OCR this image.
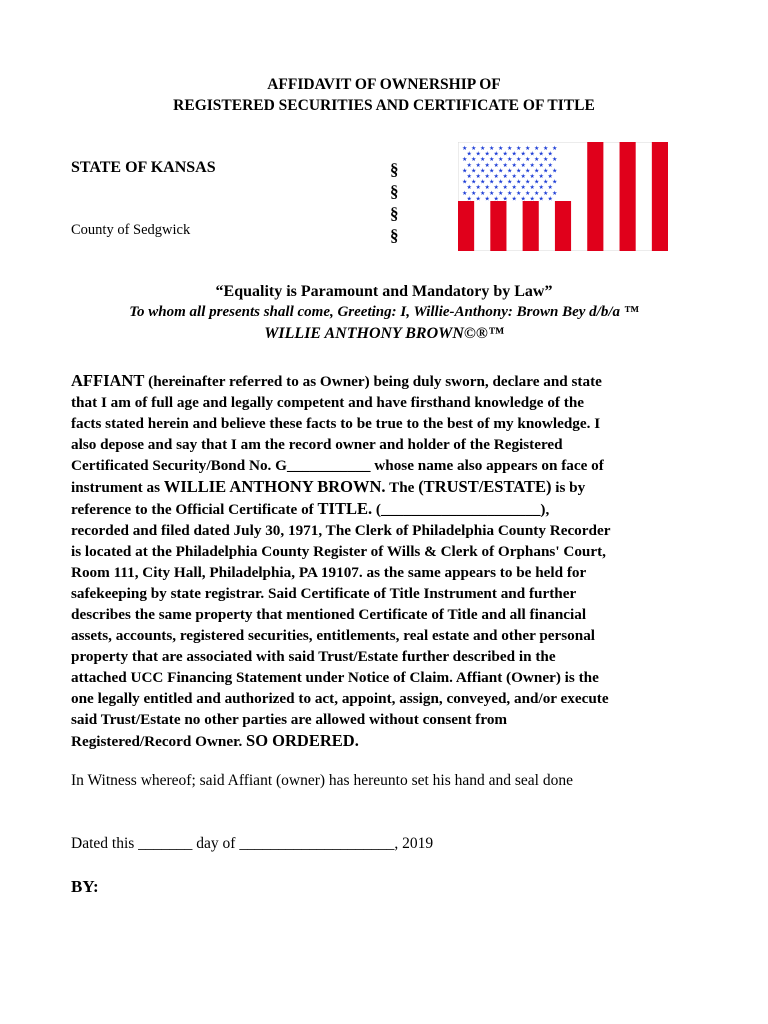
AFFIDAVIT OF OWNERSHIP OF
REGISTERED SECURITIES AND CERTIFICATE OF TITLE
STATE OF KANSAS
County of Sedgwick
§
§
§
§
★ ★ ★ ★ ★ ★ ★ ★ ★ ★ ★
★ ★ ★ ★ ★ ★ ★ ★ ★ ★
★ ★ ★ ★ ★ ★ ★ ★ ★ ★ ★
★ ★ ★ ★ ★ ★ ★ ★ ★ ★
★ ★ ★ ★ ★ ★ ★ ★ ★ ★ ★
★ ★ ★ ★ ★ ★ ★ ★ ★ ★
★ ★ ★ ★ ★ ★ ★ ★ ★ ★ ★
★ ★ ★ ★ ★ ★ ★ ★ ★ ★
★ ★ ★ ★ ★ ★ ★ ★ ★ ★ ★
★ ★ ★ ★ ★ ★ ★ ★ ★ ★
“Equality is Paramount and Mandatory by Law”
To whom all presents shall come, Greeting: I, Willie-Anthony: Brown Bey d/b/a ™
WILLIE ANTHONY BROWN©®™
AFFIANT (hereinafter referred to as Owner) being duly sworn, declare and state
that I am of full age and legally competent and have firsthand knowledge of the
facts stated herein and believe these facts to be true to the best of my knowledge. I
also depose and say that I am the record owner and holder of the Registered
Certificated Security/Bond No. G___________ whose name also appears on face of
instrument as WILLIE ANTHONY BROWN. The (TRUST/ESTATE) is by
reference to the Official Certificate of TITLE. (_____________________),
recorded and filed dated July 30, 1971, The Clerk of Philadelphia County Recorder
is located at the Philadelphia County Register of Wills & Clerk of Orphans' Court,
Room 111, City Hall, Philadelphia, PA 19107. as the same appears to be held for
safekeeping by state registrar. Said Certificate of Title Instrument and further
describes the same property that mentioned Certificate of Title and all financial
assets, accounts, registered securities, entitlements, real estate and other personal
property that are associated with said Trust/Estate further described in the
attached UCC Financing Statement under Notice of Claim. Affiant (Owner) is the
one legally entitled and authorized to act, appoint, assign, conveyed, and/or execute
said Trust/Estate no other parties are allowed without consent from
Registered/Record Owner. SO ORDERED.
In Witness whereof; said Affiant (owner) has hereunto set his hand and seal done
Dated this _______ day of ____________________, 2019
BY:
